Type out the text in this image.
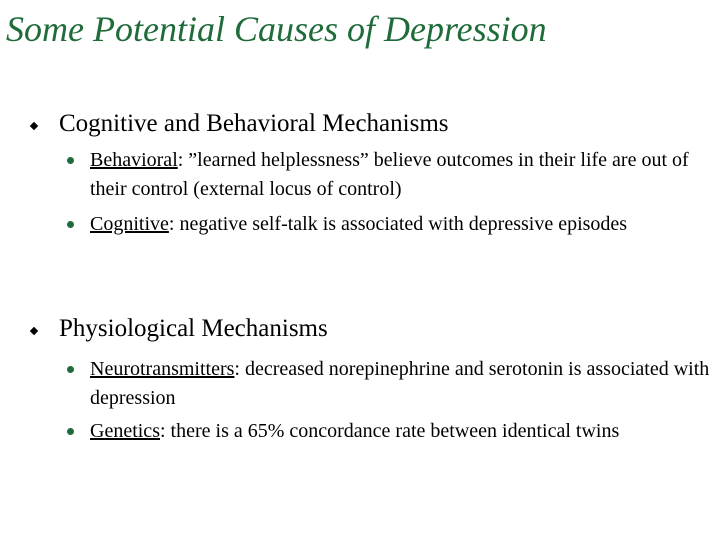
Some Potential Causes of Depression
Cognitive and Behavioral Mechanisms
Behavioral: ”learned helplessness” believe outcomes in their life are out of their control (external locus of control)
Cognitive: negative self-talk is associated with depressive episodes
Physiological Mechanisms
Neurotransmitters: decreased norepinephrine and serotonin is associated with depression
Genetics: there is a 65% concordance rate between identical twins
